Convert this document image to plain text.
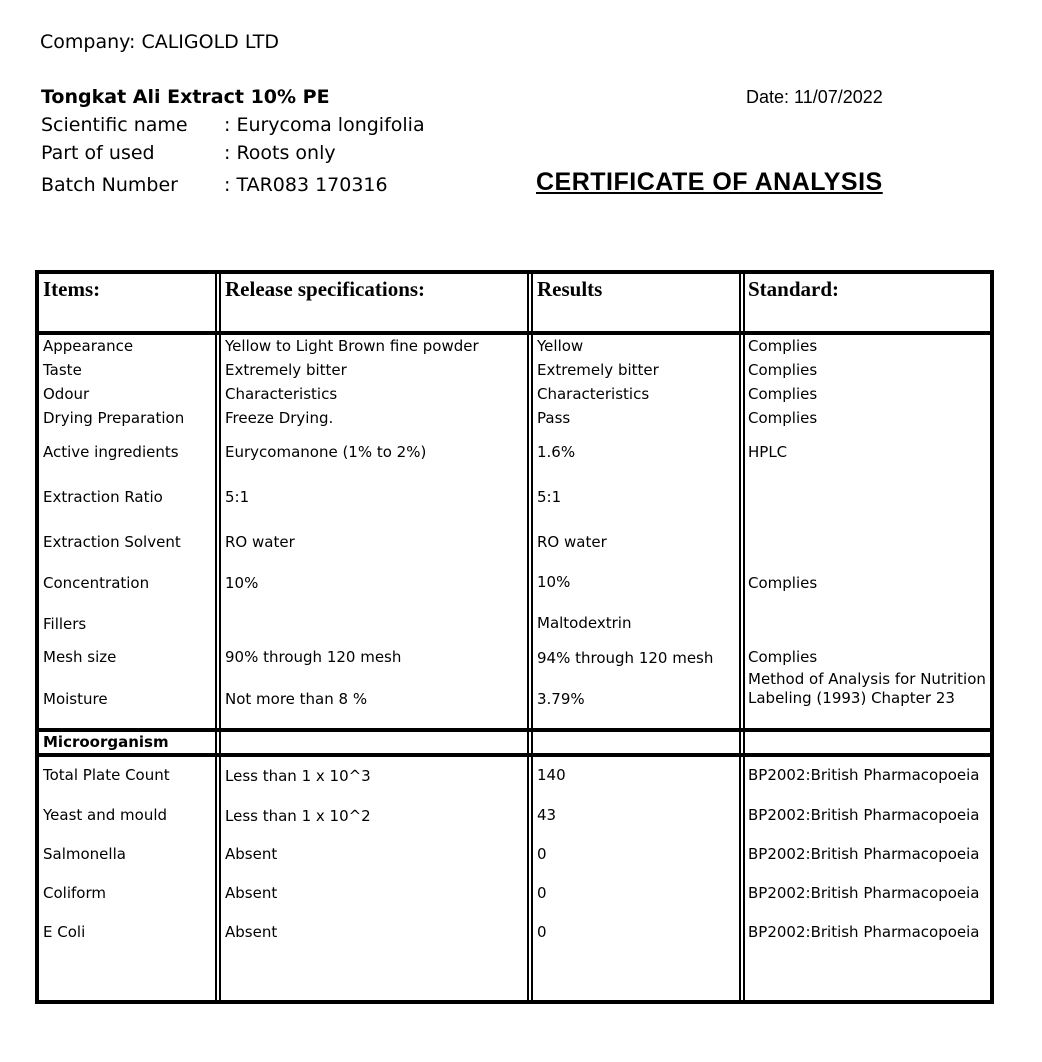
Company: CALIGOLD LTD
Tongkat Ali Extract 10% PE	Date: 11/07/2022
Scientific name : Eurycoma longifolia
Part of used	: Roots only
Batch Number : TAR083 170316	CERTIFICATE OF ANALYSIS
Items:	Release specifications:	Results	Standard:
Appearance	Yellow to Light Brown fine powder	Yellow	Complies
Taste	Extremely bitter	Extremely bitter	Complies
Odour	Characteristics	Characteristics	Complies
Drying Preparation	Freeze Drying.	Pass	Complies
Active ingredients	Eurycomanone (1% to 2%)	1.6%	HPLC
Extraction Ratio	5:1	5:1
Extraction Solvent	RO water	RO water
Concentration	10%	10%	Complies
Fillers	Maltodextrin
Mesh size	90% through 120 mesh	94% through 120 mesh Complies
Moisture	Not more than 8 %	3.79%
Method of Analysis for Nutrition Labeling (1993) Chapter 23
Microorganism
Total Plate Count	Less than 1 x 10^3	140	BP2002:British Pharmacopoeia
Yeast and mould	Less than 1 x 10^2	43	BP2002:British Pharmacopoeia
Salmonella	Absent	0	BP2002:British Pharmacopoeia
Coliform	Absent	0	BP2002:British Pharmacopoeia
E Coli	Absent	0	BP2002:British Pharmacopoeia
